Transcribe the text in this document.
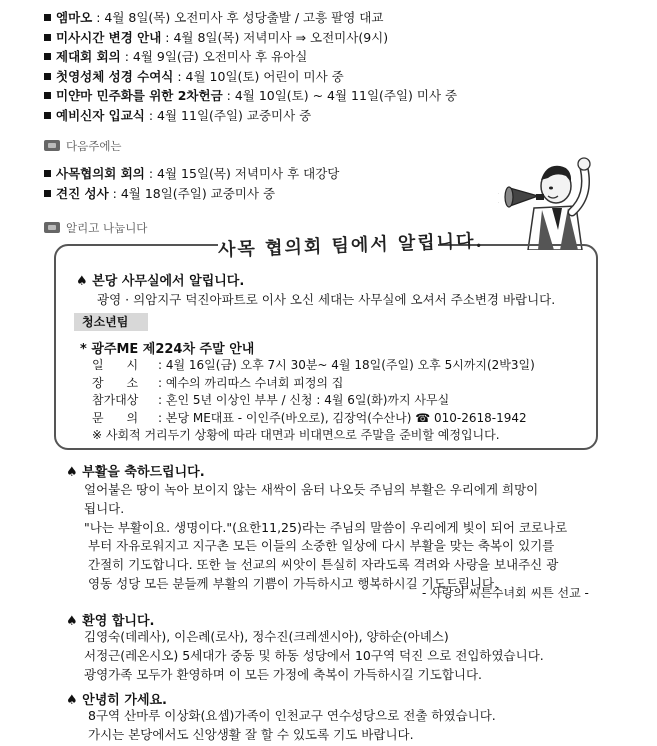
엠마오 : 4월 8일(목) 오전미사 후 성당출발 / 고흥 팔영 대교
미사시간 변경 안내 : 4월 8일(목) 저녁미사 ⇒ 오전미사(9시)
제대회 회의 : 4월 9일(금) 오전미사 후 유아실
첫영성체 성경 수여식 : 4월 10일(토) 어린이 미사 중
미얀마 민주화를 위한 2차헌금 : 4월 10일(토) ~ 4월 11일(주일) 미사 중
예비신자 입교식 : 4월 11일(주일) 교중미사 중
다음주에는
사목협의회 회의 : 4월 15일(목) 저녁미사 후 대강당
견진 성사 : 4월 18일(주일) 교중미사 중
알리고 나눕니다
사목 협의회 팀에서 알립니다.
♠ 본당 사무실에서 알립니다.
광영 · 의암지구 덕진아파트로 이사 오신 세대는 사무실에 오셔서 주소변경 바랍니다.
청소년팀
* 광주ME 제224차 주말 안내
일      시 : 4월 16일(금) 오후 7시 30분~ 4월 18일(주일) 오후 5시까지(2박3일)
장      소 : 예수의 까리따스 수녀회 피정의 집
참가대상 : 혼인 5년 이상인 부부 / 신청 : 4월 6일(화)까지 사무실
문      의 : 본당 ME대표 - 이인주(바오로), 김장억(수산나) ☎ 010-2618-1942
※ 사회적 거리두기 상황에 따라 대면과 비대면으로 주말을 준비할 예정입니다.
♠ 부활을 축하드립니다.
얼어붙은 땅이 녹아 보이지 않는 새싹이 움터 나오듯 주님의 부활은 우리에게 희망이
됩니다.
"나는 부활이요. 생명이다."(요한11,25)라는 주님의 말씀이 우리에게 빛이 되어 코로나로
부터 자유로워지고 지구촌 모든 이들의 소중한 일상에 다시 부활을 맞는 축복이 있기를
간절히 기도합니다. 또한 늘 선교의 씨앗이 튼실히 자라도록 격려와 사랑을 보내주신 광
영동 성당 모든 분들께 부활의 기쁨이 가득하시고 행복하시길 기도드립니다.
- 사랑의 씨튼수녀회 씨튼 선교 -
♠ 환영 합니다.
김영숙(데레사), 이은례(로사), 정수진(크레센시아), 양하순(아녜스)
서정근(레온시오) 5세대가 중동 및 하동 성당에서 10구역 덕진 으로 전입하였습니다.
광영가족 모두가 환영하며 이 모든 가정에 축복이 가득하시길 기도합니다.
♠ 안녕히 가세요.
8구역 산마루 이상화(요셉)가족이 인천교구 연수성당으로 전출 하였습니다.
가시는 본당에서도 신앙생활 잘 할 수 있도록 기도 바랍니다.
